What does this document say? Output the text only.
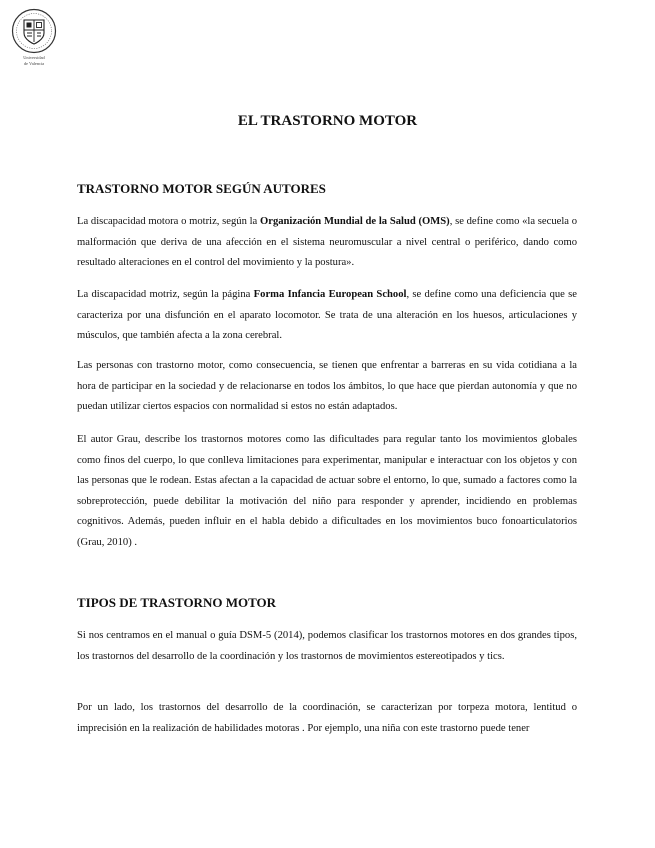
Universidad
de Valencia
EL TRASTORNO MOTOR
TRASTORNO MOTOR SEGÚN AUTORES

La discapacidad motora o motriz, según la Organización Mundial de la Salud (OMS), se define como «la secuela o malformación que deriva de una afección en el sistema neuromuscular a nivel central o periférico, dando como resultado alteraciones en el control del movimiento y la postura».

La discapacidad motriz, según la página Forma Infancia European School, se define como una deficiencia que se caracteriza por una disfunción en el aparato locomotor. Se trata de una alteración en los huesos, articulaciones y músculos, que también afecta a la zona cerebral.

Las personas con trastorno motor, como consecuencia, se tienen que enfrentar a barreras en su vida cotidiana a la hora de participar en la sociedad y de relacionarse en todos los ámbitos, lo que hace que pierdan autonomía y que no puedan utilizar ciertos espacios con normalidad si estos no están adaptados.

El autor Grau, describe los trastornos motores como las dificultades para regular tanto los movimientos globales como finos del cuerpo, lo que conlleva limitaciones para experimentar, manipular e interactuar con los objetos y con las personas que le rodean. Estas afectan a la capacidad de actuar sobre el entorno, lo que, sumado a factores como la sobreprotección, puede debilitar la motivación del niño para responder y aprender, incidiendo en problemas cognitivos. Además, pueden influir en el habla debido a dificultades en los movimientos buco fonoarticulatorios (Grau, 2010) .

TIPOS DE TRASTORNO MOTOR

Si nos centramos en el manual o guía DSM-5 (2014), podemos clasificar los trastornos motores en dos grandes tipos, los trastornos del desarrollo de la coordinación y los trastornos de movimientos estereotipados y tics.

Por un lado, los trastornos del desarrollo de la coordinación, se caracterizan por torpeza motora, lentitud o imprecisión en la realización de habilidades motoras . Por ejemplo, una niña con este trastorno puede tener
